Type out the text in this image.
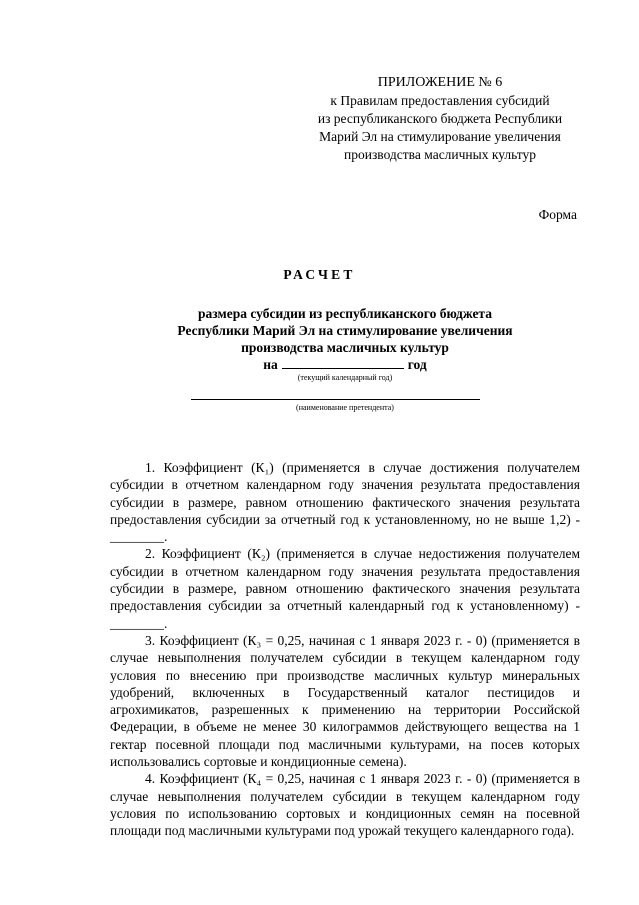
ПРИЛОЖЕНИЕ № 6
к Правилам предоставления субсидий
из республиканского бюджета Республики
Марий Эл на стимулирование увеличения
производства масличных культур
Форма
РАСЧЕТ
размера субсидии из республиканского бюджета
Республики Марий Эл на стимулирование увеличения
производства масличных культур
на	год
(текущий календарный год)
(наименование претендента)

1. Коэффициент (К₁) (применяется в случае достижения получателем субсидии в отчетном календарном году значения результата предоставления субсидии в размере, равном отношению фактического значения результата предоставления субсидии за отчетный год к установленному, но не выше 1,2) - ________.

2. Коэффициент (К₂) (применяется в случае недостижения получателем субсидии в отчетном календарном году значения результата предоставления субсидии в размере, равном отношению фактического значения результата предоставления субсидии за отчетный календарный год к установленному) - ________.

3. Коэффициент (К₃ = 0,25, начиная с 1 января 2023 г. - 0) (применяется в случае невыполнения получателем субсидии в текущем календарном году условия по внесению при производстве масличных культур минеральных удобрений, включенных в Государственный каталог пестицидов и агрохимикатов, разрешенных к применению на территории Российской Федерации, в объеме не менее 30 килограммов действующего вещества на 1 гектар посевной площади под масличными культурами, на посев которых использовались сортовые и кондиционные семена).

4. Коэффициент (К₄ = 0,25, начиная с 1 января 2023 г. - 0) (применяется в случае невыполнения получателем субсидии в текущем календарном году условия по использованию сортовых и кондиционных семян на посевной площади под масличными культурами под урожай текущего календарного года).
